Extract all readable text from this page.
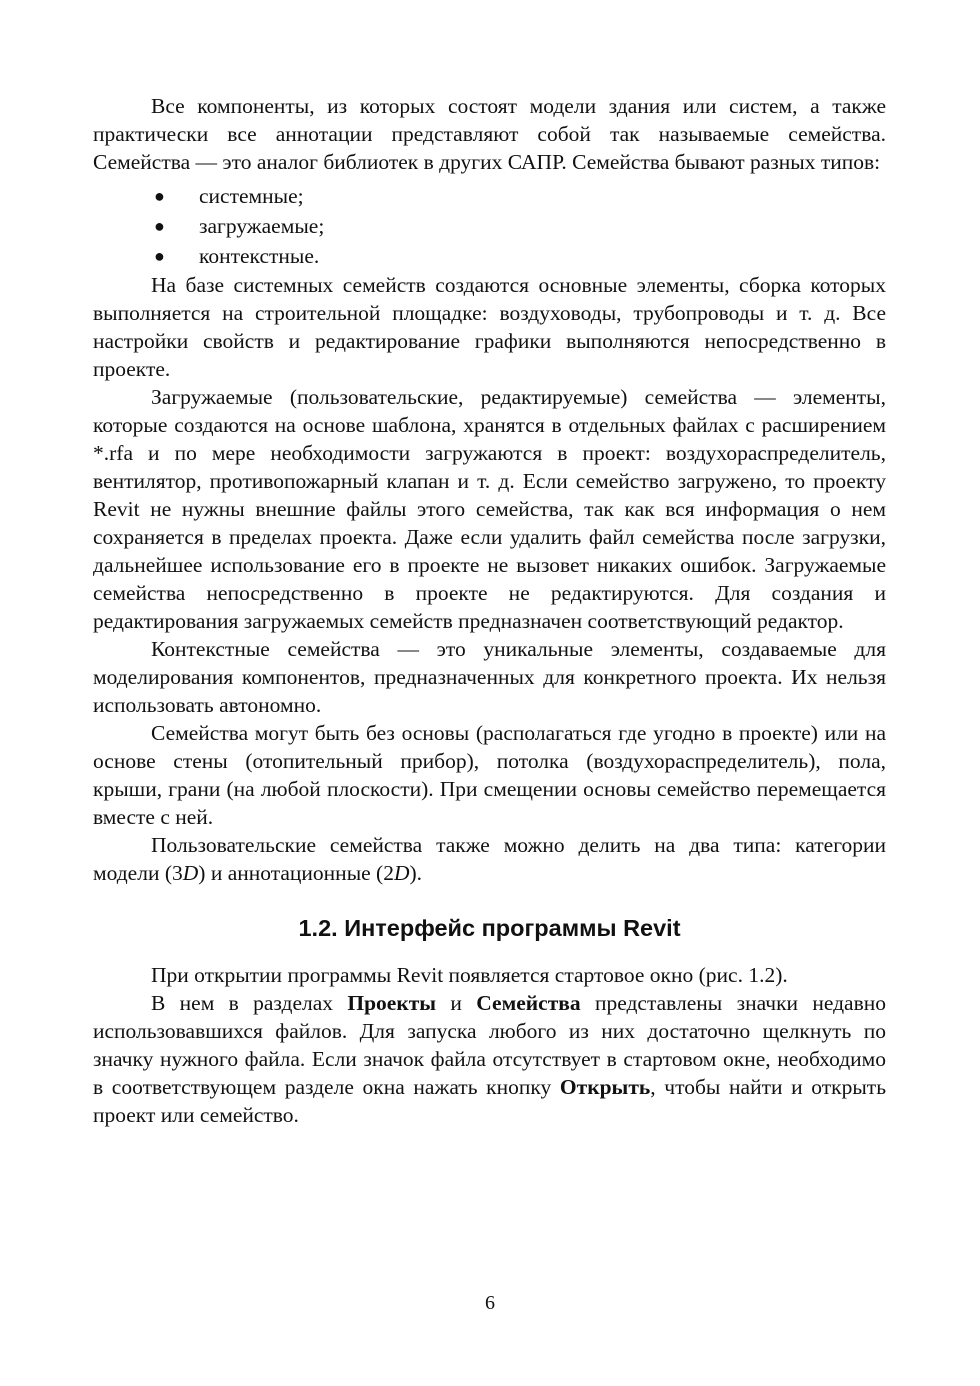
Все компоненты, из которых состоят модели здания или систем, а также практически все аннотации представляют собой так называемые семейства. Семейства — это аналог библиотек в других САПР. Семейства бывают разных типов:

● системные;
● загружаемые;
● контекстные.

На базе системных семейств создаются основные элементы, сборка которых выполняется на строительной площадке: воздуховоды, трубопроводы и т. д. Все настройки свойств и редактирование графики выполняются непосредственно в проекте.

Загружаемые (пользовательские, редактируемые) семейства — элементы, которые создаются на основе шаблона, хранятся в отдельных файлах с расширением *.rfa и по мере необходимости загружаются в проект: воздухораспределитель, вентилятор, противопожарный клапан и т. д. Если семейство загружено, то проекту Revit не нужны внешние файлы этого семейства, так как вся информация о нем сохраняется в пределах проекта. Даже если удалить файл семейства после загрузки, дальнейшее использование его в проекте не вызовет никаких ошибок. Загружаемые семейства непосредственно в проекте не редактируются. Для создания и редактирования загружаемых семейств предназначен соответствующий редактор.

Контекстные семейства — это уникальные элементы, создаваемые для моделирования компонентов, предназначенных для конкретного проекта. Их нельзя использовать автономно.

Семейства могут быть без основы (располагаться где угодно в проекте) или на основе стены (отопительный прибор), потолка (воздухораспределитель), пола, крыши, грани (на любой плоскости). При смещении основы семейство перемещается вместе с ней.

Пользовательские семейства также можно делить на два типа: категории модели (3D) и аннотационные (2D).

1.2. Интерфейс программы Revit

При открытии программы Revit появляется стартовое окно (рис. 1.2).

В нем в разделах Проекты и Семейства представлены значки недавно использовавшихся файлов. Для запуска любого из них достаточно щелкнуть по значку нужного файла. Если значок файла отсутствует в стартовом окне, необходимо в соответствующем разделе окна нажать кнопку Открыть, чтобы найти и открыть проект или семейство.

6
